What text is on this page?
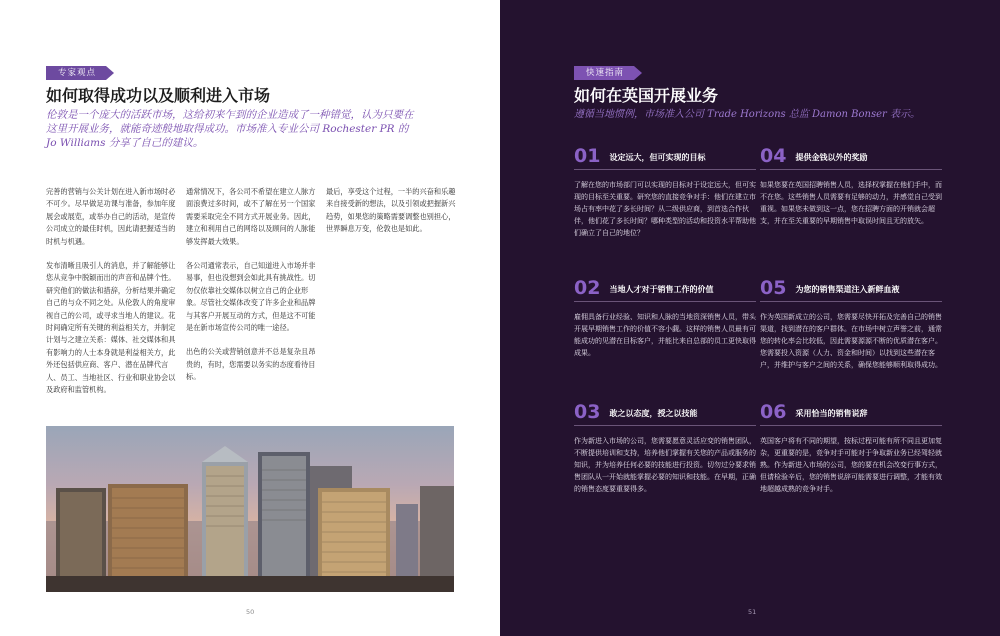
专家观点
如何取得成功以及顺利进入市场

伦敦是一个庞大的活跃市场，这给初来乍到的企业造成了一种错觉，认为只要在这里开展业务，就能奇迹般地取得成功。市场准入专业公司 Rochester PR 的 Jo Williams 分享了自己的建议。

完善的营销与公关计划在进入新市场时必不可少。尽早做足功课与准备，参加年度展会或展览，或举办自己的活动，是宣传公司成立的最佳时机，因此请把握适当的时机与机遇。

发布清晰且吸引人的消息，并了解能够让您从竞争中脱颖而出的声音和品牌个性。研究他们的做法和措辞，分析结果并确定自己的与众不同之处。从伦敦人的角度审视自己的公司，或寻求当地人的建议。花时间确定所有关键的利益相关方，并制定计划与之建立关系：媒体、社交媒体和具有影响力的人士本身就是利益相关方，此外还包括供应商、客户、潜在品牌代言人、员工、当地社区、行业和职业协会以及政府和监管机构。

通常情况下，各公司不希望在建立人脉方面浪费过多时间，或不了解在另一个国家需要采取完全不同方式开展业务。因此，建立和利用自己的网络以及顾问的人脉能够发挥最大效果。

各公司通常表示，自己知道进入市场并非易事，但也没想到会如此具有挑战性。切勿仅依靠社交媒体以树立自己的企业形象。尽管社交媒体改变了许多企业和品牌与其客户开展互动的方式，但是这不可能是在新市场宣传公司的唯一途径。

出色的公关或营销创意并不总是复杂且昂贵的，有时，您需要以务实的态度看待目标。

最后，享受这个过程，一半的兴奋和乐趣来自接受新的想法，以及引领或把握新兴趋势，如果您的策略需要调整也别担心，世界瞬息万变，伦敦也是如此。

50
快速指南
如何在英国开展业务

遵循当地惯例，市场准入公司 Trade Horizons 总监 Damon Bonser 表示。

01 设定远大，但可实现的目标

了解在您的市场部门可以实现的目标对于设定远大，但可实现的目标至关重要。研究您的直接竞争对手：他们在建立市场占有率中花了多长时间？从二级供应商，到首选合作伙伴，他们花了多长时间？哪种类型的活动和投资水平帮助他们确立了自己的地位？

04 提供金钱以外的奖励

如果您要在英国招聘销售人员，选择权掌握在他们手中，而不在您。这些销售人员需要有足够的动力，并感觉自己受到重视。如果您未做到这一点，您在招聘方面的开销就会超支，并在至关重要的早期销售中取误时间且无的放矢。

02 当地人才对于销售工作的价值

雇佣具备行业经验、知识和人脉的当地资深销售人员，带头开展早期销售工作的价值不容小觑。这样的销售人员最有可能成功的见潜在目标客户，并能比来自总部的员工更快取得成果。

05 为您的销售渠道注入新鲜血液

作为英国新成立的公司，您需要尽快开拓及完善自己的销售渠道，找到潜在的客户群体。在市场中树立声誉之前，通常您的转化率会比较低，因此需要源源不断的优质潜在客户。您需要投入资源（人力、资金和时间）以找到这些潜在客户，并维护与客户之间的关系，确保您能够顺利取得成功。

03 敢之以态度，授之以技能

作为新进入市场的公司，您需要愿意灵活应变的销售团队，不断提供培训和支持，培养他们掌握有关您的产品或服务的知识，并为培养任何必要的技能进行投资。切勿过分要求销售团队从一开始就能掌握必要的知识和技能。在早期，正确的销售态度要重要得多。

06 采用恰当的销售说辞

英国客户将有不同的期望，按标过程可能有所不同且更加复杂，更重要的是，竞争对手可能对于争取新业务已经驾轻就熟。作为新进入市场的公司，您的要在机会改变行事方式，但请检验辛后，您的销售说辞可能需要进行调整，才能有效地超越成熟的竞争对手。

51
